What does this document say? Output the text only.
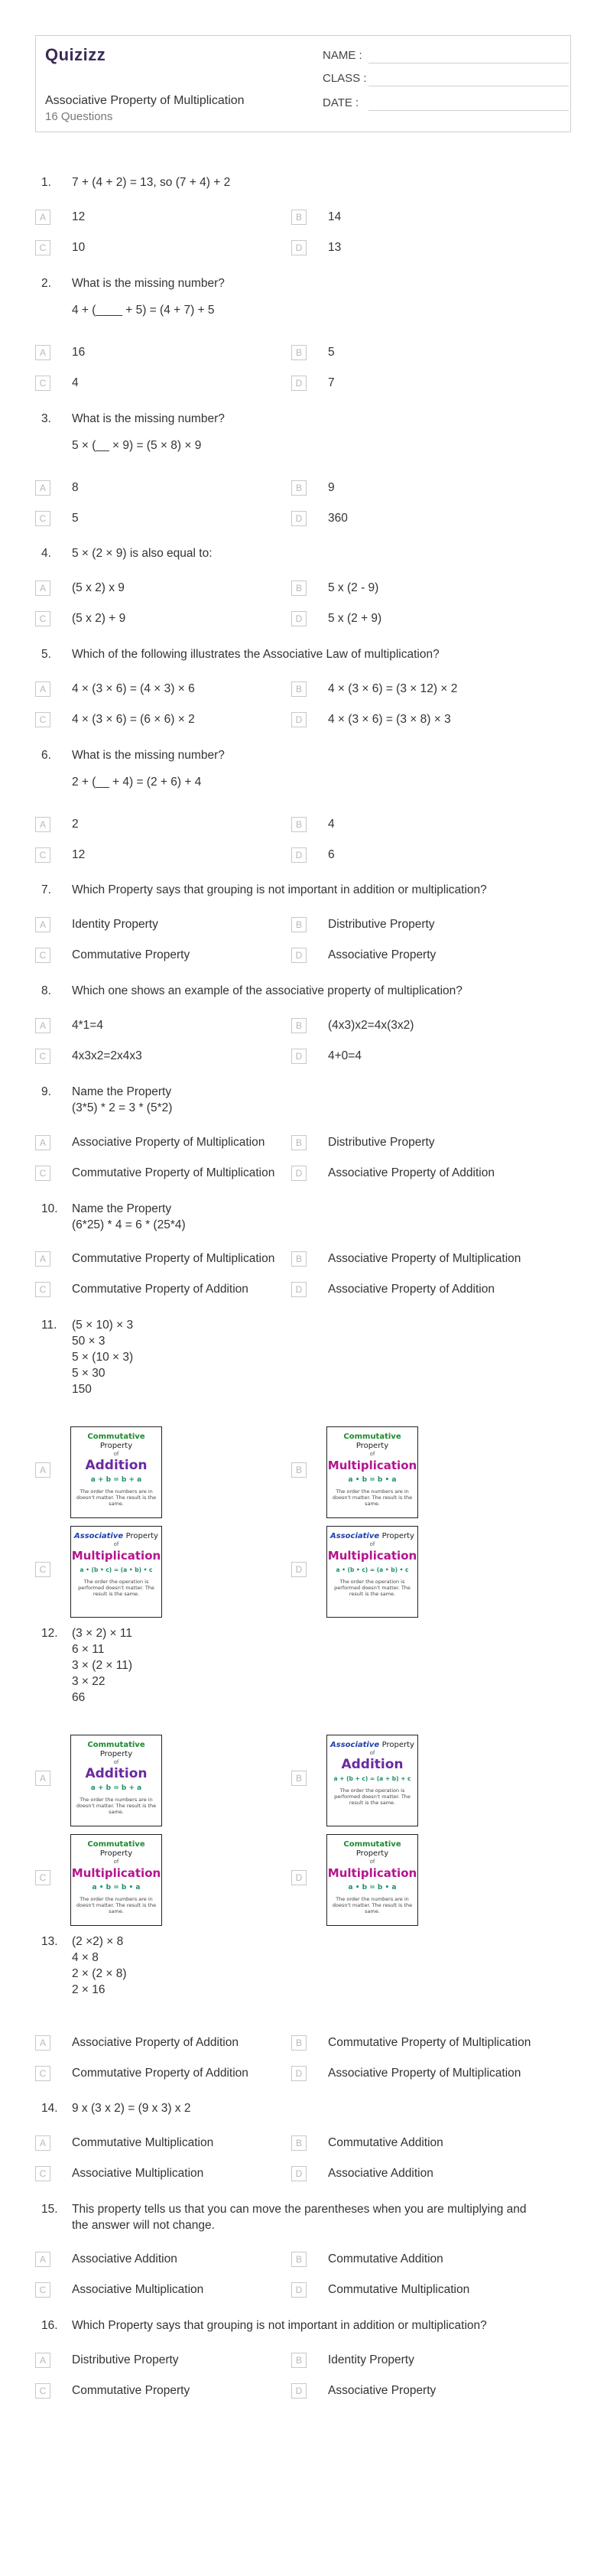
Quizizz
Associative Property of Multiplication
16 Questions
NAME :
CLASS :
DATE :
1.	7 + (4 + 2) = 13, so (7 + 4) + 2
A	12	B	14
C	10	D	13
2.	What is the missing number?
4 + (____ + 5) = (4 + 7) + 5
A	16	B	5
C	4	D	7
3.	What is the missing number?
5 × (__ × 9) = (5 × 8) × 9
A	8	B	9
C	5	D	360
4.	5 × (2 × 9) is also equal to:
A	(5 x 2) x 9	B	5 x (2 - 9)
C	(5 x 2) + 9	D	5 x (2 + 9)
5.	Which of the following illustrates the Associative Law of multiplication?
A	4 × (3 × 6) = (4 × 3) × 6	B	4 × (3 × 6) = (3 × 12) × 2
C	4 × (3 × 6) = (6 × 6) × 2	D	4 × (3 × 6) = (3 × 8) × 3
6.	What is the missing number?
2 + (__ + 4) = (2 + 6) + 4
A	2	B	4
C	12	D	6
7.	Which Property says that grouping is not important in addition or multiplication?
A	Identity Property	B	Distributive Property
C	Commutative Property	D	Associative Property
8.	Which one shows an example of the associative property of multiplication?
A	4*1=4	B	(4x3)x2=4x(3x2)
C	4x3x2=2x4x3	D	4+0=4
9.	Name the Property
(3*5) * 2 = 3 * (5*2)
A	Associative Property of Multiplication	B	Distributive Property
C	Commutative Property of Multiplication	D	Associative Property of Addition
10. Name the Property
(6*25) * 4 = 6 * (25*4)
A	Commutative Property of Multiplication	B	Associative Property of Multiplication
C	Commutative Property of Addition	D	Associative Property of Addition
11.	(5 × 10) × 3
50 × 3
5 × (10 × 3)
5 × 30
150
A
Commutative Property
of
Addition
a + b = b + a
The order the numbers are in doesn't matter. The result is the same.
B
Commutative Property
of
Multiplication
a • b = b • a
The order the numbers are in doesn't matter. The result is the same.
C
Associative Property
of
Multiplication
a • (b • c) = (a • b) • c
The order the operation is performed doesn't matter. The result is the same.
D
Associative Property
of
Multiplication
a • (b • c) = (a • b) • c
The order the operation is performed doesn't matter. The result is the same.
12. (3 × 2) × 11
6 × 11
3 × (2 × 11)
3 × 22
66
A
Commutative Property
of
Addition
a + b = b + a
The order the numbers are in doesn't matter. The result is the same.
B
Associative Property
of
Addition
a + (b + c) = (a + b) + c
The order the operation is performed doesn't matter. The result is the same.
C
Commutative Property
of
Multiplication
a • b = b • a
The order the numbers are in doesn't matter. The result is the same.
D
Commutative Property
of
Multiplication
a • b = b • a
The order the numbers are in doesn't matter. The result is the same.
13. (2 ×2) × 8
4 × 8
2 × (2 × 8)
2 × 16
A	Associative Property of Addition	B	Commutative Property of Multiplication
C	Commutative Property of Addition	D	Associative Property of Multiplication
14. 9 x (3 x 2) = (9 x 3) x 2
A	Commutative Multiplication	B	Commutative Addition
C	Associative Multiplication	D	Associative Addition
15. This property tells us that you can move the parentheses when you are multiplying and
the answer will not change.
A	Associative Addition	B	Commutative Addition
C	Associative Multiplication	D	Commutative Multiplication
16. Which Property says that grouping is not important in addition or multiplication?
A	Distributive Property	B	Identity Property
C	Commutative Property	D	Associative Property
